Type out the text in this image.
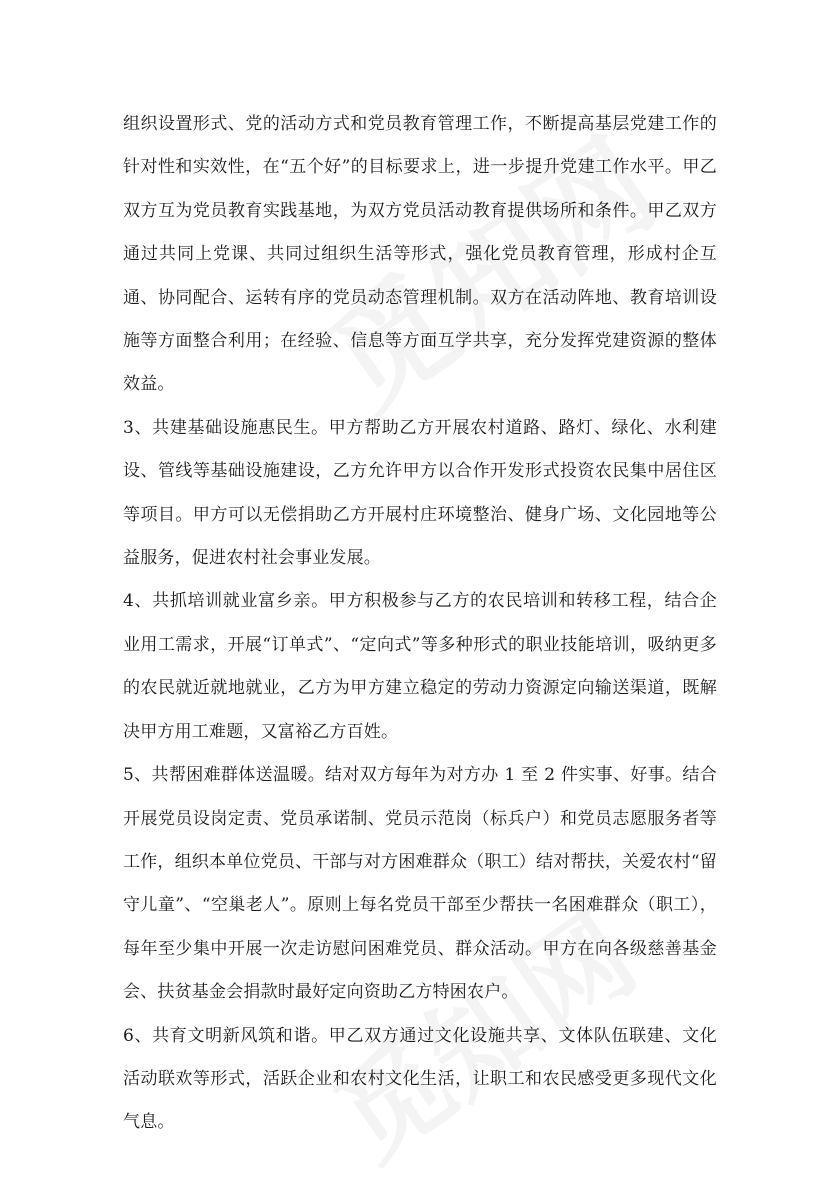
组织设置形式、党的活动方式和党员教育管理工作，不断提高基层党建工作的针对性和实效性，在“五个好”的目标要求上，进一步提升党建工作水平。甲乙双方互为党员教育实践基地，为双方党员活动教育提供场所和条件。甲乙双方通过共同上党课、共同过组织生活等形式，强化党员教育管理，形成村企互通、协同配合、运转有序的党员动态管理机制。双方在活动阵地、教育培训设施等方面整合利用；在经验、信息等方面互学共享，充分发挥党建资源的整体效益。

3、共建基础设施惠民生。甲方帮助乙方开展农村道路、路灯、绿化、水利建设、管线等基础设施建设，乙方允许甲方以合作开发形式投资农民集中居住区等项目。甲方可以无偿捐助乙方开展村庄环境整治、健身广场、文化园地等公益服务，促进农村社会事业发展。

4、共抓培训就业富乡亲。甲方积极参与乙方的农民培训和转移工程，结合企业用工需求，开展“订单式”、“定向式”等多种形式的职业技能培训，吸纳更多的农民就近就地就业，乙方为甲方建立稳定的劳动力资源定向输送渠道，既解决甲方用工难题，又富裕乙方百姓。

5、共帮困难群体送温暖。结对双方每年为对方办 1 至 2 件实事、好事。结合开展党员设岗定责、党员承诺制、党员示范岗（标兵户）和党员志愿服务者等工作，组织本单位党员、干部与对方困难群众（职工）结对帮扶，关爱农村“留守儿童”、“空巢老人”。原则上每名党员干部至少帮扶一名困难群众（职工），每年至少集中开展一次走访慰问困难党员、群众活动。甲方在向各级慈善基金会、扶贫基金会捐款时最好定向资助乙方特困农户。

6、共育文明新风筑和谐。甲乙双方通过文化设施共享、文体队伍联建、文化活动联欢等形式，活跃企业和农村文化生活，让职工和农民感受更多现代文化气息。
